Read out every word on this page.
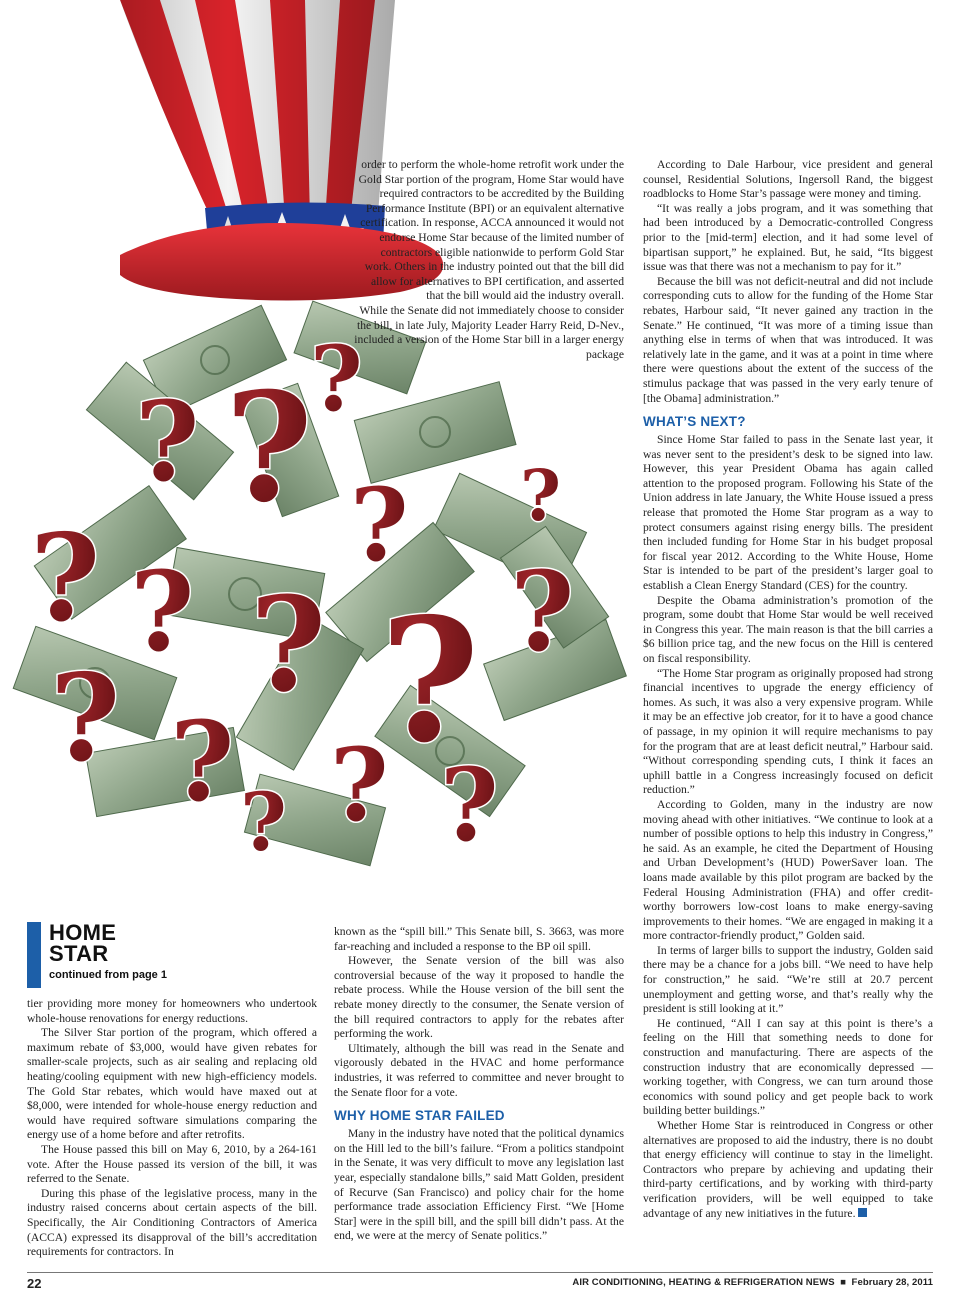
? ?
?
?
? ? ? ? ?
? ? ? ?
?
?

order to perform the whole-home retrofit work under the Gold Star portion of the program, Home Star would have required contractors to be accredited by the Building Performance Institute (BPI) or an equivalent alternative certification. In response, ACCA announced it would not endorse Home Star because of the limited number of contractors eligible nationwide to perform Gold Star work. Others in the industry pointed out that the bill did allow for alternatives to BPI certification, and asserted that the bill would aid the industry overall.

While the Senate did not immediately choose to consider the bill, in late July, Majority Leader Harry Reid, D-Nev., included a version of the Home Star bill in a larger energy package

According to Dale Harbour, vice president and general counsel, Residential Solutions, Ingersoll Rand, the biggest roadblocks to Home Star’s passage were money and timing.

“It was really a jobs program, and it was something that had been introduced by a Democratic-controlled Congress prior to the [mid-term] election, and it had some level of bipartisan support,” he explained. But, he said, “Its biggest issue was that there was not a mechanism to pay for it.”

Because the bill was not deficit-neutral and did not include corresponding cuts to allow for the funding of the Home Star rebates, Harbour said, “It never gained any traction in the Senate.” He continued, “It was more of a timing issue than anything else in terms of when that was introduced. It was relatively late in the game, and it was at a point in time where there were questions about the extent of the success of the stimulus package that was passed in the very early tenure of [the Obama] administration.”

WHAT’S NEXT?

Since Home Star failed to pass in the Senate last year, it was never sent to the president’s desk to be signed into law. However, this year President Obama has again called attention to the proposed program. Following his State of the Union address in late January, the White House issued a press release that promoted the Home Star program as a way to protect consumers against rising energy bills. The president then included funding for Home Star in his budget proposal for fiscal year 2012. According to the White House, Home Star is intended to be part of the president’s larger goal to establish a Clean Energy Standard (CES) for the country.

Despite the Obama administration’s promotion of the program, some doubt that Home Star would be well received in Congress this year. The main reason is that the bill carries a $6 billion price tag, and the new focus on the Hill is centered on fiscal responsibility.

“The Home Star program as originally proposed had strong financial incentives to upgrade the energy efficiency of homes. As such, it was also a very expensive program. While it may be an effective job creator, for it to have a good chance of passage, in my opinion it will require mechanisms to pay for the program that are at least deficit neutral,” Harbour said. “Without corresponding spending cuts, I think it faces an uphill battle in a Congress increasingly focused on deficit reduction.”

According to Golden, many in the industry are now moving ahead with other initiatives. “We continue to look at a number of possible options to help this industry in Congress,” he said. As an example, he cited the Department of Housing and Urban Development’s (HUD) PowerSaver loan. The loans made available by this pilot program are backed by the Federal Housing Administration (FHA) and offer credit-worthy borrowers low-cost loans to make energy-saving improvements to their homes. “We are engaged in making it a more contractor-friendly product,” Golden said.

In terms of larger bills to support the industry, Golden said there may be a chance for a jobs bill. “We need to have help for construction,” he said. “We’re still at 20.7 percent unemployment and getting worse, and that’s really why the president is still looking at it.”

He continued, “All I can say at this point is there’s a feeling on the Hill that something needs to done for construction and manufacturing. There are aspects of the construction industry that are economically depressed — working together, with Congress, we can turn around those economics with sound policy and get people back to work building better buildings.”

Whether Home Star is reintroduced in Congress or other alternatives are proposed to aid the industry, there is no doubt that energy efficiency will continue to stay in the limelight. Contractors who prepare by achieving and updating their third-party certifications, and by working with third-party verification providers, will be well equipped to take advantage of any new initiatives in the future.

HOME
STAR
continued from page 1

tier providing more money for homeowners who undertook whole-house renovations for energy reductions.

The Silver Star portion of the program, which offered a maximum rebate of $3,000, would have given rebates for smaller-scale projects, such as air sealing and replacing old heating/cooling equipment with new high-efficiency models. The Gold Star rebates, which would have maxed out at $8,000, were intended for whole-house energy reduction and would have required software simulations comparing the energy use of a home before and after retrofits.

The House passed this bill on May 6, 2010, by a 264-161 vote. After the House passed its version of the bill, it was referred to the Senate.

During this phase of the legislative process, many in the industry raised concerns about certain aspects of the bill. Specifically, the Air Conditioning Contractors of America (ACCA) expressed its disapproval of the bill’s accreditation requirements for contractors. In

known as the “spill bill.” This Senate bill, S. 3663, was more far-reaching and included a response to the BP oil spill.

However, the Senate version of the bill was also controversial because of the way it proposed to handle the rebate process. While the House version of the bill sent the rebate money directly to the consumer, the Senate version of the bill required contractors to apply for the rebates after performing the work.

Ultimately, although the bill was read in the Senate and vigorously debated in the HVAC and home performance industries, it was referred to committee and never brought to the Senate floor for a vote.

WHY HOME STAR FAILED

Many in the industry have noted that the political dynamics on the Hill led to the bill’s failure. “From a politics standpoint in the Senate, it was very difficult to move any legislation last year, especially standalone bills,” said Matt Golden, president of Recurve (San Francisco) and policy chair for the home performance trade association Efficiency First. “We [Home Star] were in the spill bill, and the spill bill didn’t pass. At the end, we were at the mercy of Senate politics.”

22	AIR CONDITIONING, HEATING & REFRIGERATION NEWS  ■  February 28, 2011
